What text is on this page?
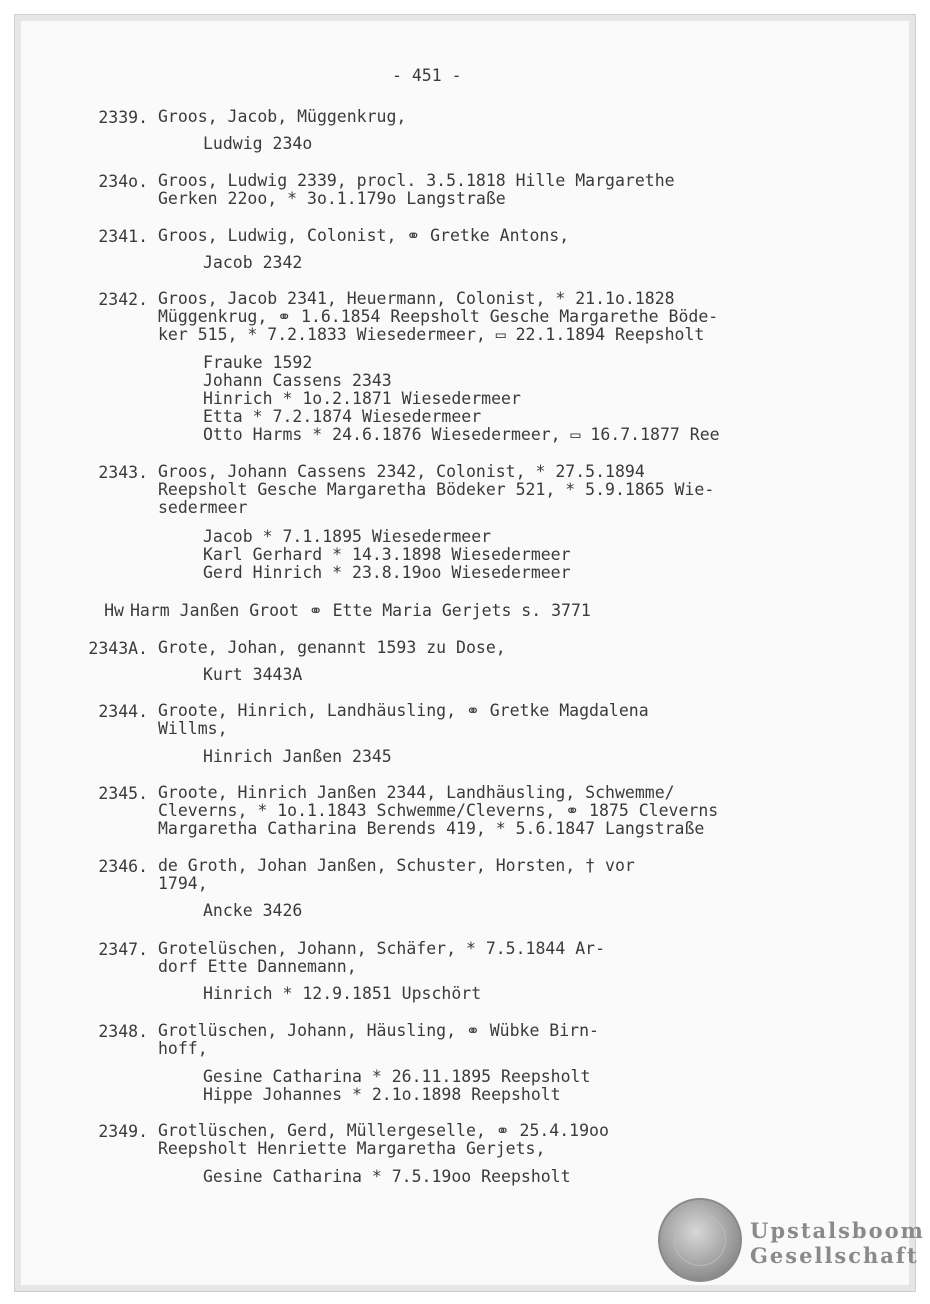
- 451 -
2339. Groos, Jacob, Müggenkrug,
Ludwig 234o
234o. Groos, Ludwig 2339, procl. 3.5.1818 Hille Margarethe
Gerken 22oo, * 3o.1.179o Langstraße
2341. Groos, Ludwig, Colonist, ⚭ Gretke Antons,
Jacob 2342
2342. Groos, Jacob 2341, Heuermann, Colonist, * 21.1o.1828
Müggenkrug, ⚭ 1.6.1854 Reepsholt Gesche Margarethe Böde-
ker 515, * 7.2.1833 Wiesedermeer, ▭ 22.1.1894 Reepsholt
Frauke 1592
Johann Cassens 2343
Hinrich * 1o.2.1871 Wiesedermeer
Etta * 7.2.1874 Wiesedermeer
Otto Harms * 24.6.1876 Wiesedermeer, ▭ 16.7.1877 Ree
2343. Groos, Johann Cassens 2342, Colonist, * 27.5.1894
Reepsholt Gesche Margaretha Bödeker 521, * 5.9.1865 Wie-
sedermeer
Jacob * 7.1.1895 Wiesedermeer
Karl Gerhard * 14.3.1898 Wiesedermeer
Gerd Hinrich * 23.8.19oo Wiesedermeer
Hw Harm Janßen Groot ⚭ Ette Maria Gerjets s. 3771
2343A. Grote, Johan, genannt 1593 zu Dose,
Kurt 3443A
2344. Groote, Hinrich, Landhäusling, ⚭ Gretke Magdalena
Willms,
Hinrich Janßen 2345
2345. Groote, Hinrich Janßen 2344, Landhäusling, Schwemme/
Cleverns, * 1o.1.1843 Schwemme/Cleverns, ⚭ 1875 Cleverns
Margaretha Catharina Berends 419, * 5.6.1847 Langstraße
2346. de Groth, Johan Janßen, Schuster, Horsten, † vor
1794,
Ancke 3426
2347. Grotelüschen, Johann, Schäfer, * 7.5.1844 Ar-
dorf Ette Dannemann,
Hinrich * 12.9.1851 Upschört
2348. Grotlüschen, Johann, Häusling, ⚭ Wübke Birn-
hoff,
Gesine Catharina * 26.11.1895 Reepsholt
Hippe Johannes * 2.1o.1898 Reepsholt
2349. Grotlüschen, Gerd, Müllergeselle, ⚭ 25.4.19oo
Reepsholt Henriette Margaretha Gerjets,
Gesine Catharina * 7.5.19oo Reepsholt
Upstalsboom
Gesellschaft
